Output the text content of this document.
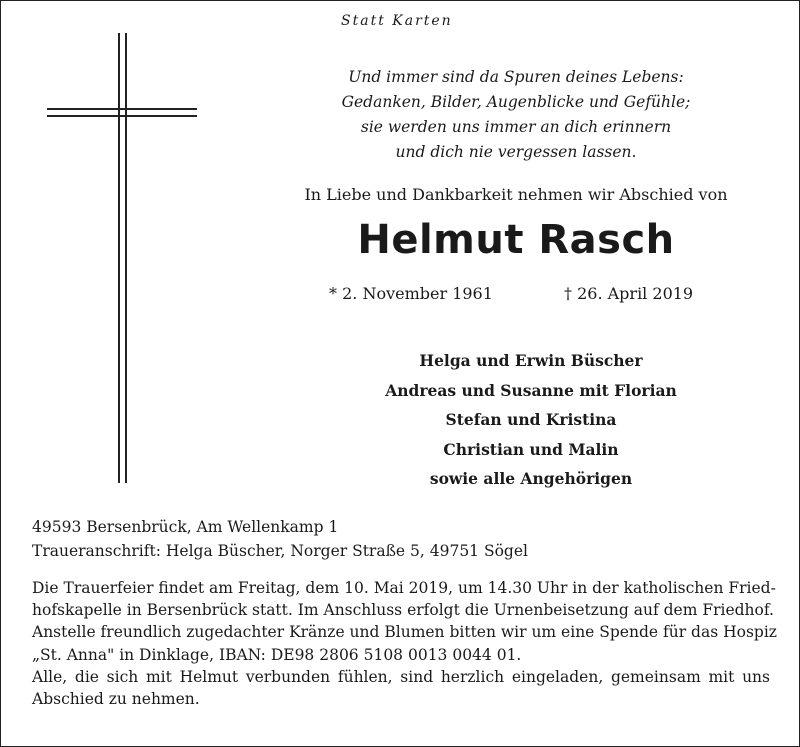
Statt Karten
Und immer sind da Spuren deines Lebens:
Gedanken, Bilder, Augenblicke und Gefühle;
sie werden uns immer an dich erinnern
und dich nie vergessen lassen.
In Liebe und Dankbarkeit nehmen wir Abschied von
Helmut Rasch
* 2. November 1961	† 26. April 2019
Helga und Erwin Büscher
Andreas und Susanne mit Florian
Stefan und Kristina
Christian und Malin
sowie alle Angehörigen
49593 Bersenbrück, Am Wellenkamp 1
Traueranschrift: Helga Büscher, Norger Straße 5, 49751 Sögel
Die Trauerfeier findet am Freitag, dem 10. Mai 2019, um 14.30 Uhr in der katholischen Fried-
hofskapelle in Bersenbrück statt. Im Anschluss erfolgt die Urnenbeisetzung auf dem Friedhof.
Anstelle freundlich zugedachter Kränze und Blumen bitten wir um eine Spende für das Hospiz
„St. Anna" in Dinklage, IBAN: DE98 2806 5108 0013 0044 01.
Alle, die sich mit Helmut verbunden fühlen, sind herzlich eingeladen, gemeinsam mit uns
Abschied zu nehmen.
